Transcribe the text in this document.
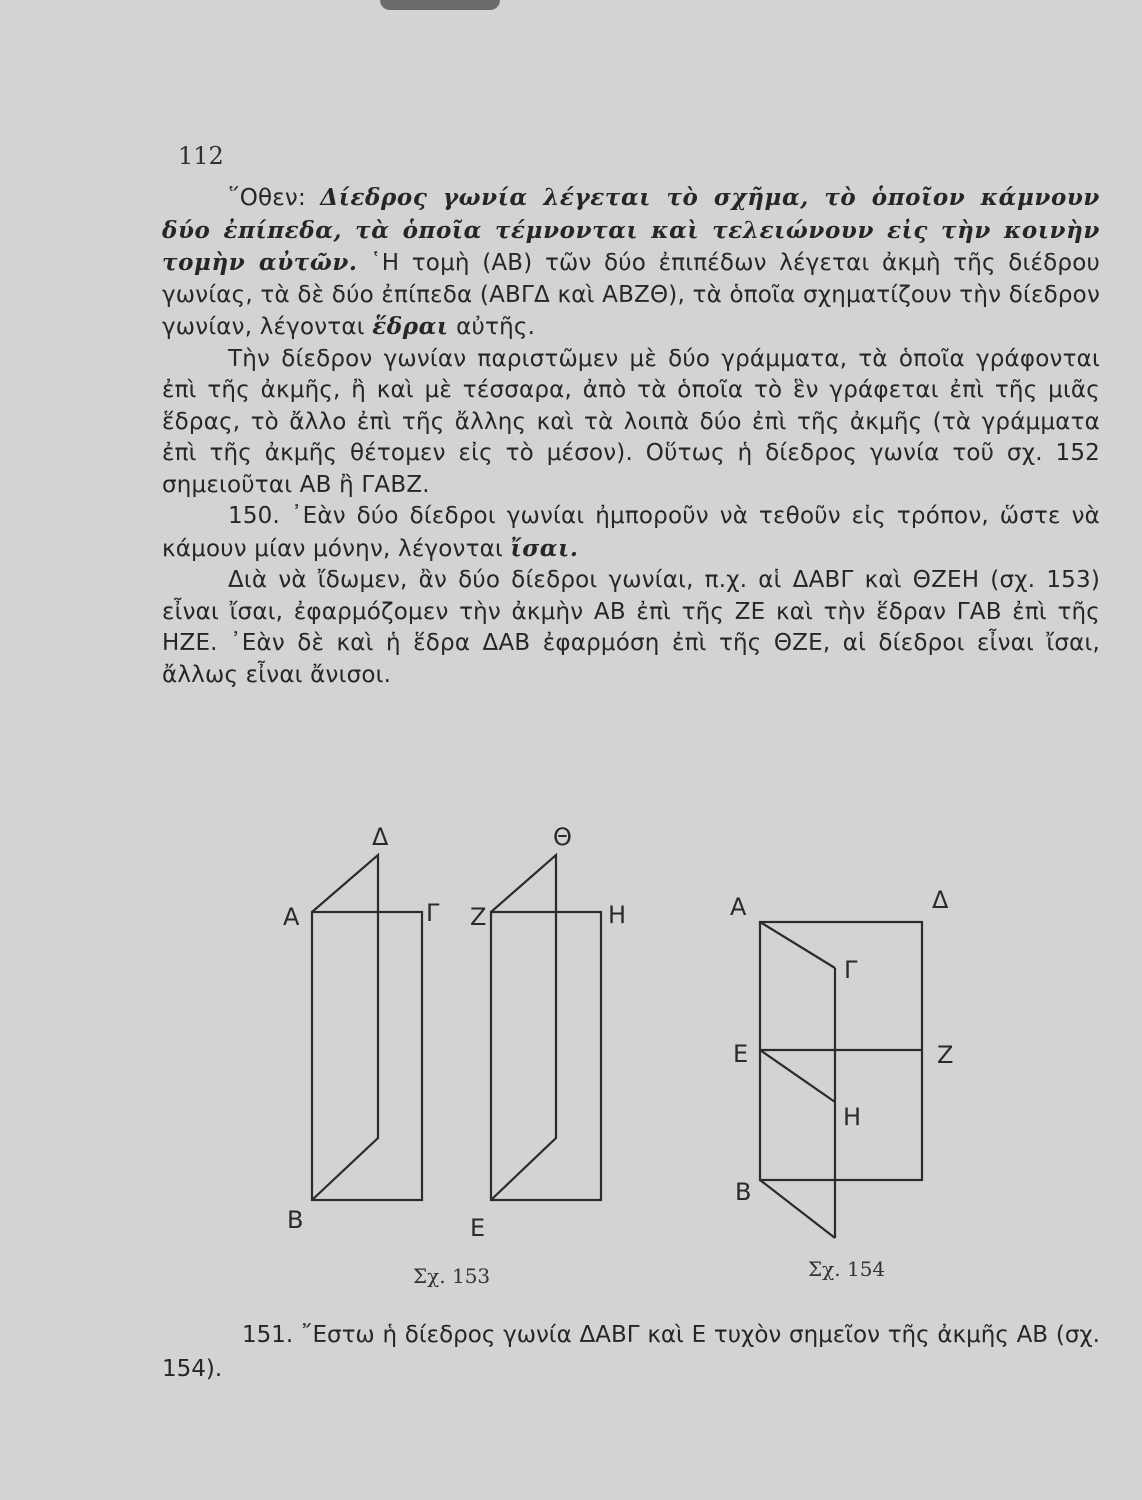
112

῞Οθεν: Δίεδρος γωνία λέγεται τὸ σχῆμα, τὸ ὁποῖον κάμνουν δύο ἐπίπεδα, τὰ ὁποῖα τέμνονται καὶ τελειώνουν εἰς τὴν κοινὴν τομὴν αὐτῶν. ῾Η τομὴ (ΑΒ) τῶν δύο ἐπιπέδων λέγεται ἀκμὴ τῆς διέδρου γωνίας, τὰ δὲ δύο ἐπίπεδα (ΑΒΓΔ καὶ ΑΒΖΘ), τὰ ὁποῖα σχηματίζουν τὴν δίεδρον γωνίαν, λέγονται ἕδραι αὐτῆς.

Τὴν δίεδρον γωνίαν παριστῶμεν μὲ δύο γράμματα, τὰ ὁποῖα γράφονται ἐπὶ τῆς ἀκμῆς, ἢ καὶ μὲ τέσσαρα, ἀπὸ τὰ ὁποῖα τὸ ἓν γράφεται ἐπὶ τῆς μιᾶς ἕδρας, τὸ ἄλλο ἐπὶ τῆς ἄλλης καὶ τὰ λοιπὰ δύο ἐπὶ τῆς ἀκμῆς (τὰ γράμματα ἐπὶ τῆς ἀκμῆς θέτομεν εἰς τὸ μέσον). Οὕτως ἡ δίεδρος γωνία τοῦ σχ. 152 σημειοῦται ΑΒ ἢ ΓΑΒΖ.

150. ᾿Εὰν δύο δίεδροι γωνίαι ἠμποροῦν νὰ τεθοῦν εἰς τρόπον, ὥστε νὰ κάμουν μίαν μόνην, λέγονται ἴσαι.

Διὰ νὰ ἴδωμεν, ἂν δύο δίεδροι γωνίαι, π.χ. αἱ ΔΑΒΓ καὶ ΘΖΕΗ (σχ. 153) εἶναι ἴσαι, ἐφαρμόζομεν τὴν ἀκμὴν ΑΒ ἐπὶ τῆς ΖΕ καὶ τὴν ἕδραν ΓΑΒ ἐπὶ τῆς ΗΖΕ. ᾿Εὰν δὲ καὶ ἡ ἕδρα ΔΑΒ ἐφαρμόση ἐπὶ τῆς ΘΖΕ, αἱ δίεδροι εἶναι ἴσαι, ἄλλως εἶναι ἄνισοι.

Δ
Α	Γ
Β
Θ
Ζ	Η
Ε
Α	Δ
Γ
Ε	Ζ
Η
Β
Σχ. 153	Σχ. 154

151. ῎Εστω ἡ δίεδρος γωνία ΔΑΒΓ καὶ Ε τυχὸν σημεῖον τῆς ἀκμῆς ΑΒ (σχ. 154).
